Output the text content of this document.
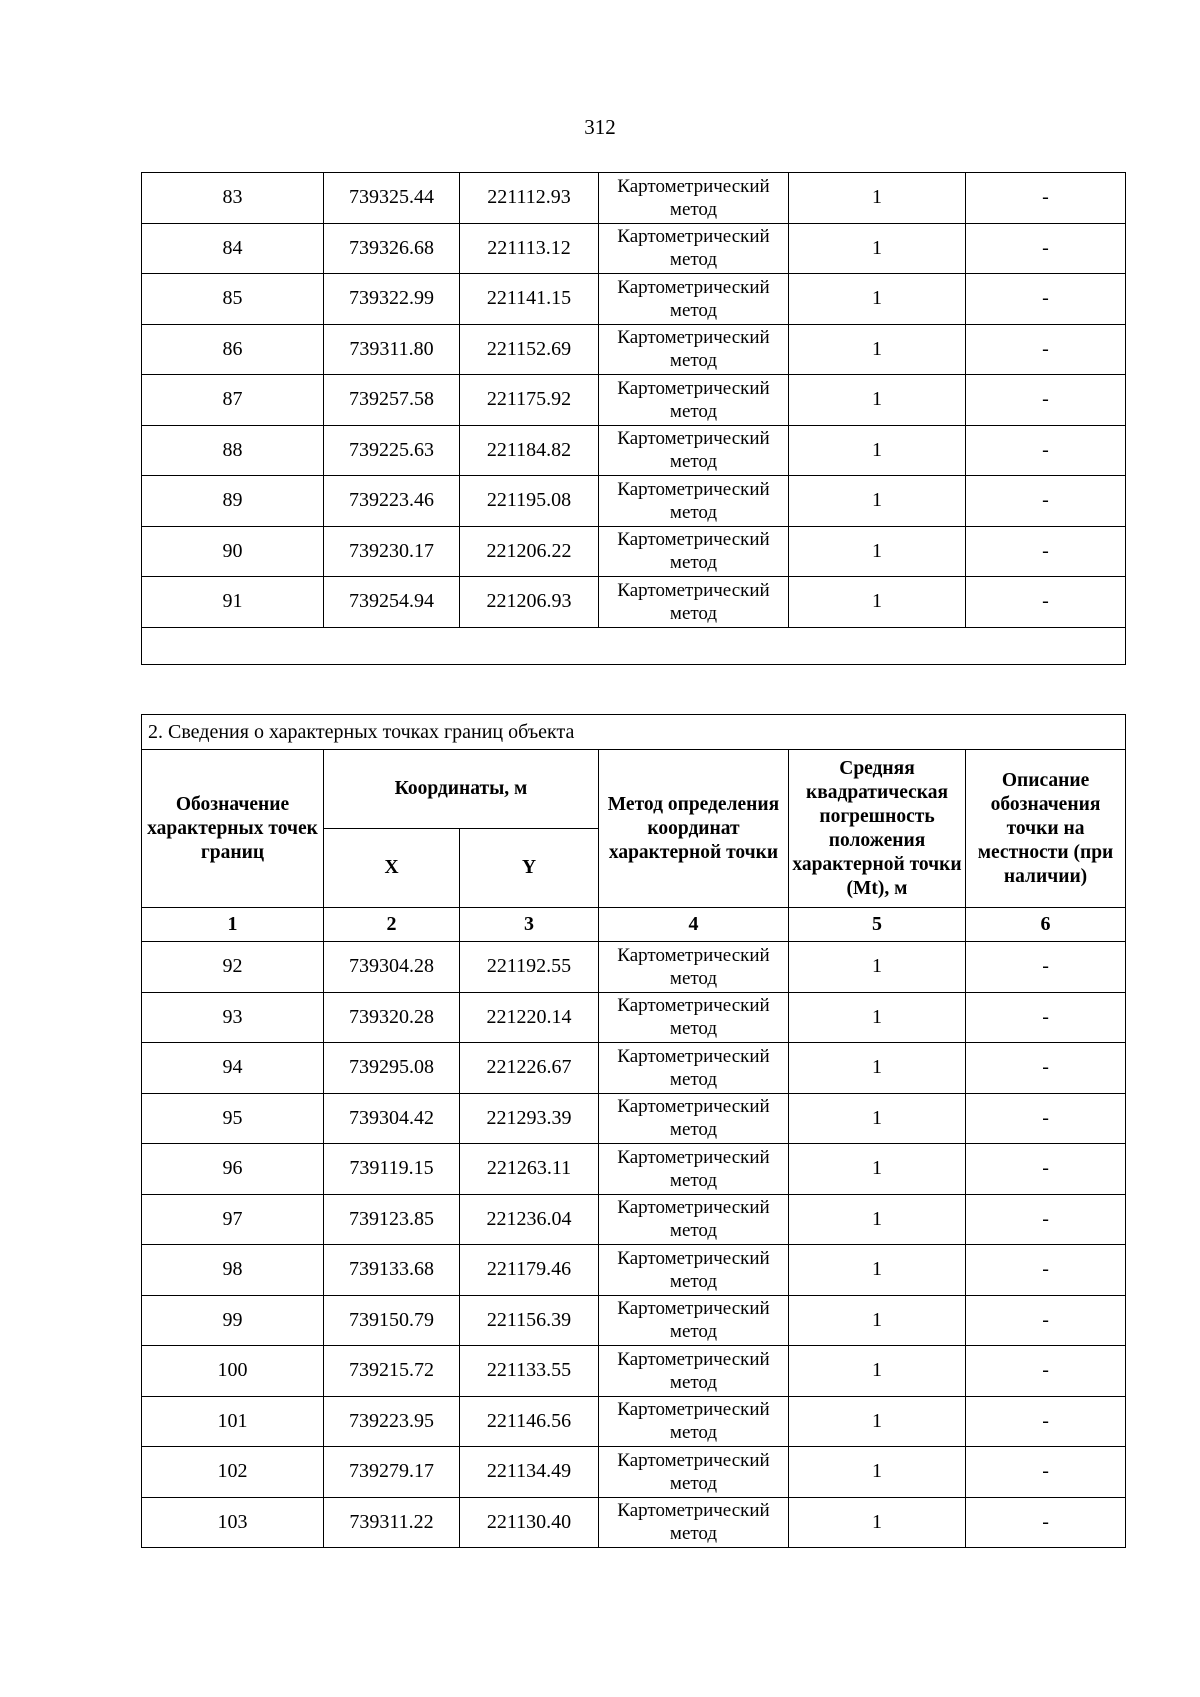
312
83	739325.44	221112.93	Картометрический метод	1	-
84	739326.68	221113.12	Картометрический метод	1	-
85	739322.99	221141.15	Картометрический метод	1	-
86	739311.80	221152.69	Картометрический метод	1	-
87	739257.58	221175.92	Картометрический метод	1	-
88	739225.63	221184.82	Картометрический метод	1	-
89	739223.46	221195.08	Картометрический метод	1	-
90	739230.17	221206.22	Картометрический метод	1	-
91	739254.94	221206.93	Картометрический метод	1	-

2. Сведения о характерных точках границ объекта					
Обозначение характерных точек границ	Координаты, м		Метод определения координат характерной точки	Средняя квадратическая погрешность положения характерной точки (Mt), м	Описание обозначения точки на местности (при наличии)
	X	Y			
1	2	3	4	5	6
92	739304.28	221192.55	Картометрический метод	1	-
93	739320.28	221220.14	Картометрический метод	1	-
94	739295.08	221226.67	Картометрический метод	1	-
95	739304.42	221293.39	Картометрический метод	1	-
96	739119.15	221263.11	Картометрический метод	1	-
97	739123.85	221236.04	Картометрический метод	1	-
98	739133.68	221179.46	Картометрический метод	1	-
99	739150.79	221156.39	Картометрический метод	1	-
100	739215.72	221133.55	Картометрический метод	1	-
101	739223.95	221146.56	Картометрический метод	1	-
102	739279.17	221134.49	Картометрический метод	1	-
103	739311.22	221130.40	Картометрический метод	1	-
